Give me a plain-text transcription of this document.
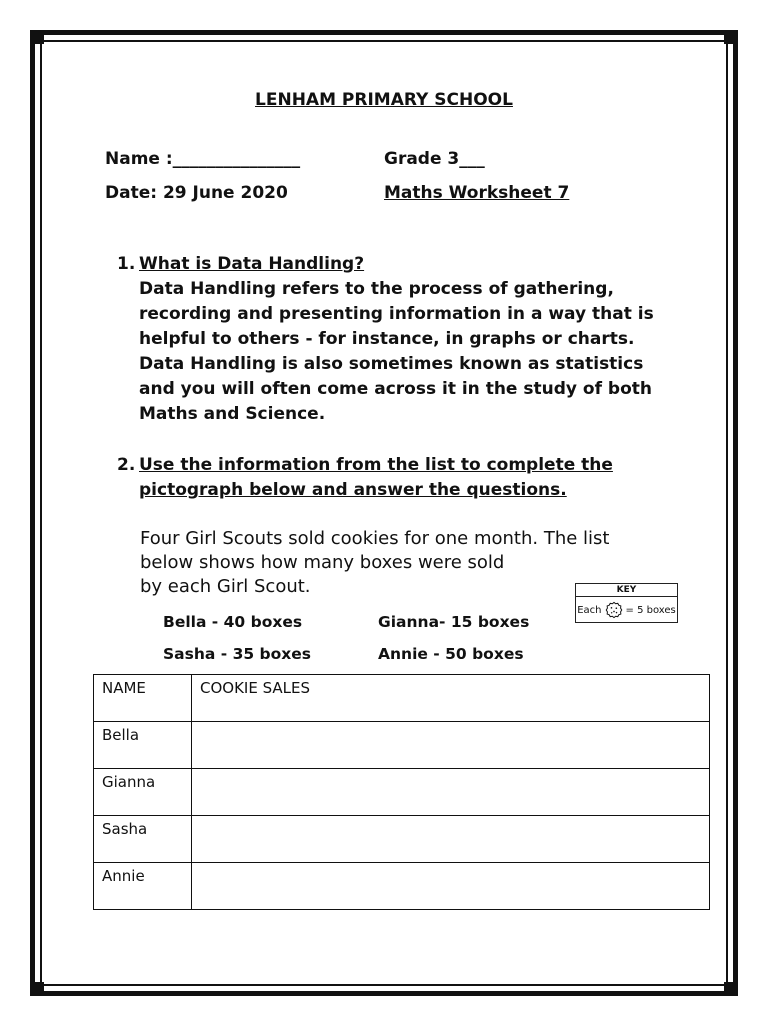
LENHAM PRIMARY SCHOOL
Name :_______________	Grade 3___
Date: 29 June 2020	Maths Worksheet 7
1. What is Data Handling?
Data Handling refers to the process of gathering,
recording and presenting information in a way that is
helpful to others - for instance, in graphs or charts.
Data Handling is also sometimes known as statistics
and you will often come across it in the study of both
Maths and Science.
2. Use the information from the list to complete the
pictograph below and answer the questions.
Four Girl Scouts sold cookies for one month. The list
below shows how many boxes were sold
by each Girl Scout.
Bella - 40 boxes	Gianna- 15 boxes
Sasha - 35 boxes	Annie - 50 boxes
KEY
Each = 5 boxes
NAME	COOKIE SALES
Bella	
Gianna	
Sasha	
Annie	
